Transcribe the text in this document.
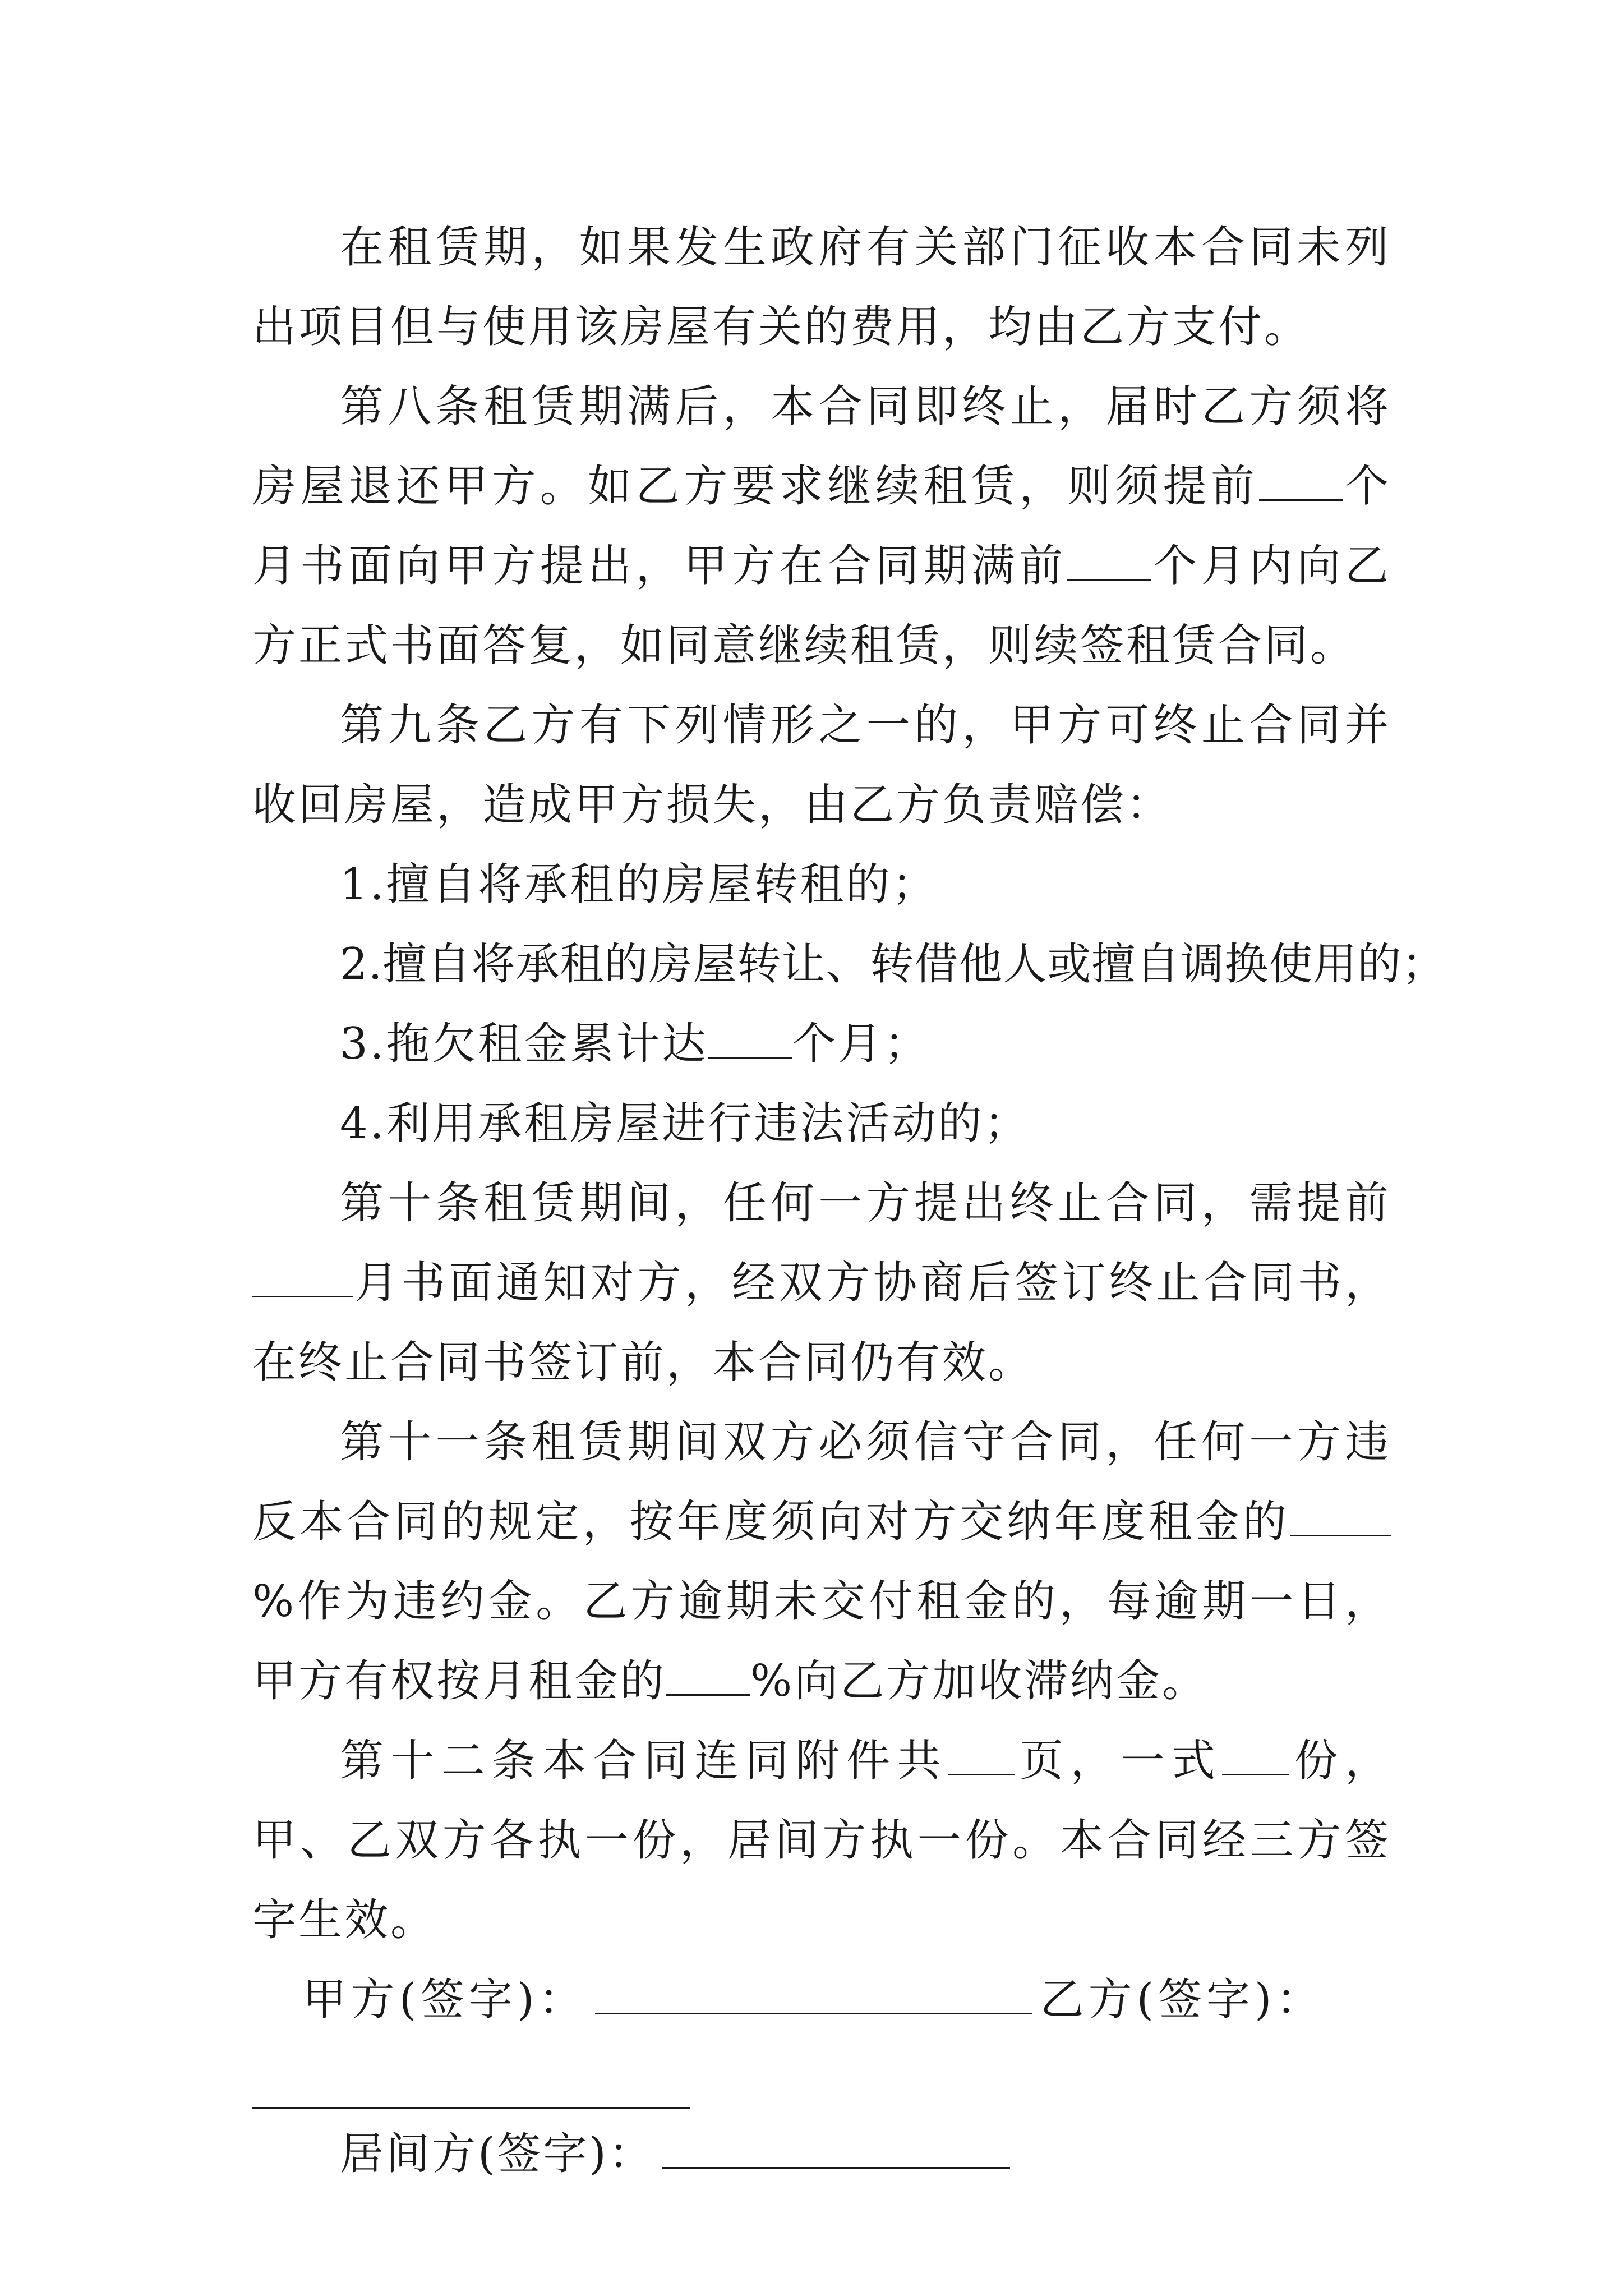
在租赁期，如果发生政府有关部门征收本合同未列出项目但与使用该房屋有关的费用，均由乙方支付。

第八条租赁期满后，本合同即终止，届时乙方须将房屋退还甲方。如乙方要求继续租赁，则须提前 个月书面向甲方提出，甲方在合同期满前 个月内向乙方正式书面答复，如同意继续租赁，则续签租赁合同。

第九条乙方有下列情形之一的，甲方可终止合同并收回房屋，造成甲方损失，由乙方负责赔偿：

1.擅自将承租的房屋转租的；

2.擅自将承租的房屋转让、转借他人或擅自调换使用的；

3.拖欠租金累计达 个月；

4.利用承租房屋进行违法活动的；

第十条租赁期间，任何一方提出终止合同，需提前月书面通知对方，经双方协商后签订终止合同书，在终止合同书签订前，本合同仍有效。

第十一条租赁期间双方必须信守合同，任何一方违反本合同的规定，按年度须向对方交纳年度租金的%作为违约金。乙方逾期未交付租金的，每逾期一日，甲方有权按月租金的 %向乙方加收滞纳金。

第十二条本合同连同附件共 页，一式 份，甲、乙双方各执一份，居间方执一份。本合同经三方签字生效。

甲方(签字)：	乙方(签字)：

居间方(签字)：
